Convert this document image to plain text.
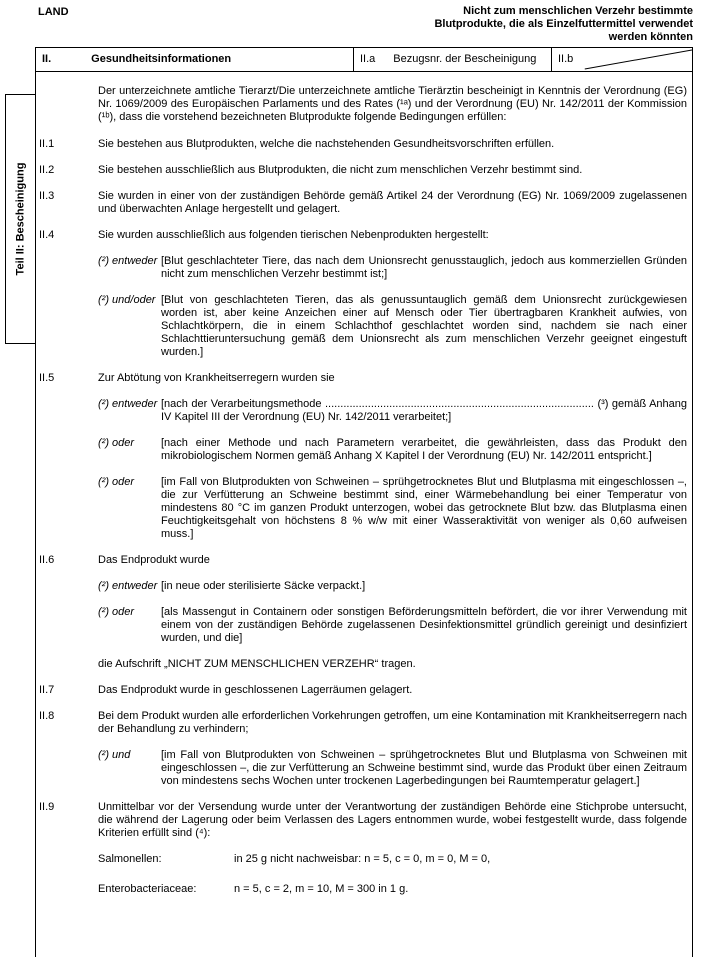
LAND	Nicht zum menschlichen Verzehr bestimmte
Blutprodukte, die als Einzelfuttermittel verwendet
werden könnten
II.	Gesundheitsinformationen	II.a Bezugsnr. der Bescheinigung II.b
Teil II: Bescheinigung
Der unterzeichnete amtliche Tierarzt/Die unterzeichnete amtliche Tierärztin bescheinigt in Kenntnis der Verordnung (EG) Nr. 1069/2009 des Europäischen Parlaments und des Rates (¹ᵃ) und der Verordnung (EU) Nr. 142/2011 der Kommission (¹ᵇ), dass die vorstehend bezeichneten Blutprodukte folgende Bedingungen erfüllen:
II.1	Sie bestehen aus Blutprodukten, welche die nachstehenden Gesundheitsvorschriften erfüllen.
II.2	Sie bestehen ausschließlich aus Blutprodukten, die nicht zum menschlichen Verzehr bestimmt sind.
II.3	Sie wurden in einer von der zuständigen Behörde gemäß Artikel 24 der Verordnung (EG) Nr. 1069/2009 zugelassenen und überwachten Anlage hergestellt und gelagert.
II.4	Sie wurden ausschließlich aus folgenden tierischen Nebenprodukten hergestellt:
(²) entweder [Blut geschlachteter Tiere, das nach dem Unionsrecht genusstauglich, jedoch aus kommerziellen Gründen nicht zum menschlichen Verzehr bestimmt ist;]
(²) und/oder [Blut von geschlachteten Tieren, das als genussuntauglich gemäß dem Unionsrecht zurückgewiesen worden ist, aber keine Anzeichen einer auf Mensch oder Tier übertragbaren Krankheit aufwies, von Schlachtkörpern, die in einem Schlachthof geschlachtet worden sind, nachdem sie nach einer Schlachttieruntersuchung gemäß dem Unionsrecht als zum menschlichen Verzehr geeignet eingestuft wurden.]
II.5	Zur Abtötung von Krankheitserregern wurden sie
(²) entweder [nach der Verarbeitungsmethode ........................................................................................ (³) gemäß Anhang IV Kapitel III der Verordnung (EU) Nr. 142/2011 verarbeitet;]
(²) oder	[nach einer Methode und nach Parametern verarbeitet, die gewährleisten, dass das Produkt den mikrobiologischem Normen gemäß Anhang X Kapitel I der Verordnung (EU) Nr. 142/2011 entspricht.]
(²) oder	[im Fall von Blutprodukten von Schweinen – sprühgetrocknetes Blut und Blutplasma mit eingeschlossen –, die zur Verfütterung an Schweine bestimmt sind, einer Wärmebehandlung bei einer Temperatur von mindestens 80 °C im ganzen Produkt unterzogen, wobei das getrocknete Blut bzw. das Blutplasma einen Feuchtigkeitsgehalt von höchstens 8 % w/w mit einer Wasseraktivität von weniger als 0,60 aufweisen muss.]
II.6	Das Endprodukt wurde
(²) entweder [in neue oder sterilisierte Säcke verpackt.]
(²) oder	[als Massengut in Containern oder sonstigen Beförderungsmitteln befördert, die vor ihrer Verwendung mit einem von der zuständigen Behörde zugelassenen Desinfektionsmittel gründlich gereinigt und desinfiziert wurden, und die]
die Aufschrift „NICHT ZUM MENSCHLICHEN VERZEHR“ tragen.
II.7	Das Endprodukt wurde in geschlossenen Lagerräumen gelagert.
II.8	Bei dem Produkt wurden alle erforderlichen Vorkehrungen getroffen, um eine Kontamination mit Krankheitserregern nach der Behandlung zu verhindern;
(²) und	[im Fall von Blutprodukten von Schweinen – sprühgetrocknetes Blut und Blutplasma von Schweinen mit eingeschlossen –, die zur Verfütterung an Schweine bestimmt sind, wurde das Produkt über einen Zeitraum von mindestens sechs Wochen unter trockenen Lagerbedingungen bei Raumtemperatur gelagert.]
II.9	Unmittelbar vor der Versendung wurde unter der Verantwortung der zuständigen Behörde eine Stichprobe untersucht, die während der Lagerung oder beim Verlassen des Lagers entnommen wurde, wobei festgestellt wurde, dass folgende Kriterien erfüllt sind (⁴):
Salmonellen:	in 25 g nicht nachweisbar: n = 5, c = 0, m = 0, M = 0,
Enterobacteriaceae:	n = 5, c = 2, m = 10, M = 300 in 1 g.
